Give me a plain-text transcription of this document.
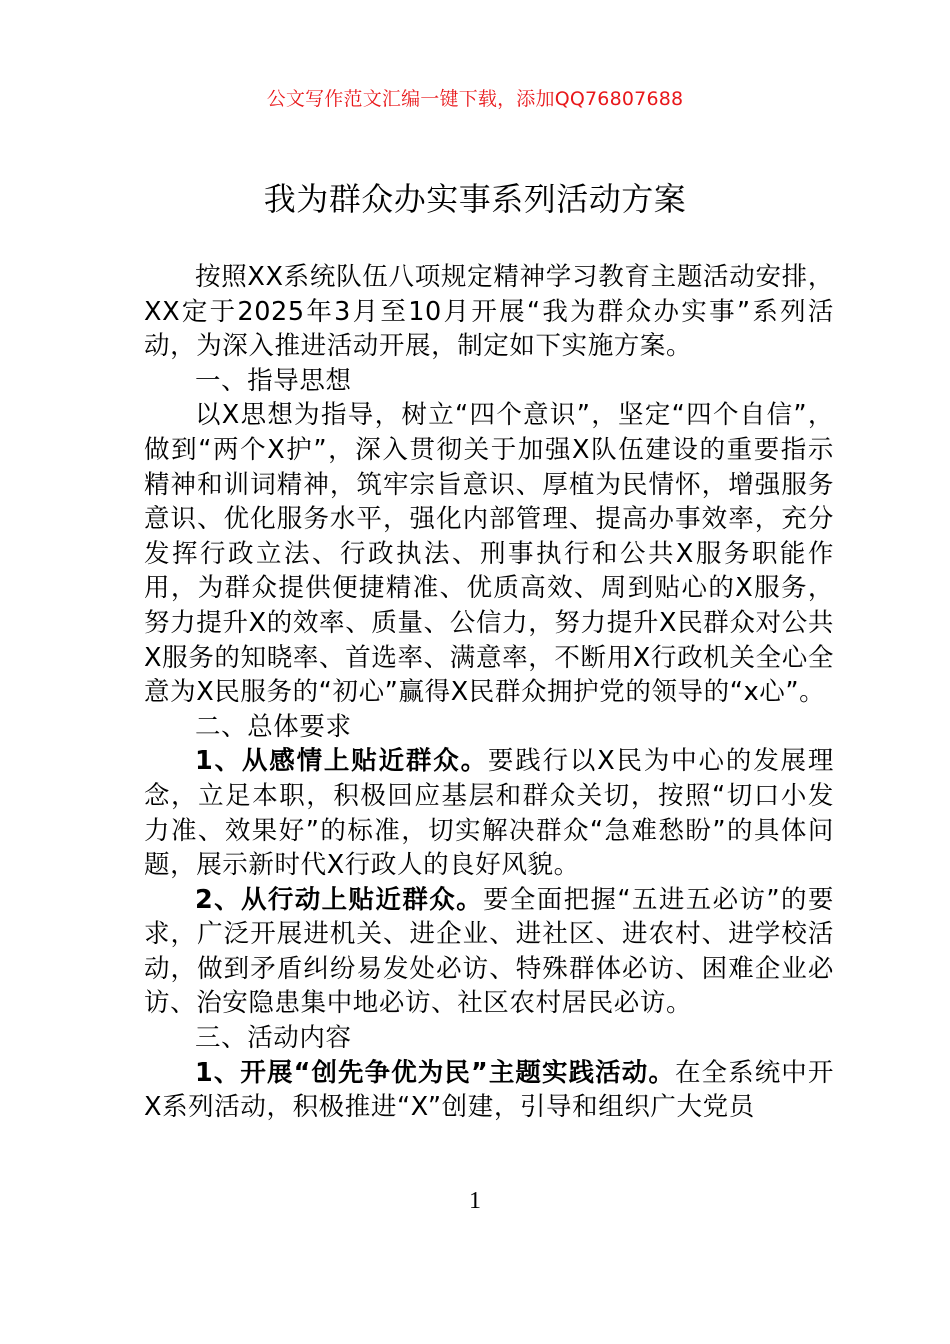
公文写作范文汇编一键下载，添加QQ76807688
我为群众办实事系列活动方案

按照XX系统队伍八项规定精神学习教育主题活动安排，XX定于2025年3月至10月开展“我为群众办实事”系列活动，为深入推进活动开展，制定如下实施方案。

一、指导思想

以X思想为指导，树立“四个意识”，坚定“四个自信”，做到“两个X护”，深入贯彻关于加强X队伍建设的重要指示精神和训词精神，筑牢宗旨意识、厚植为民情怀，增强服务意识、优化服务水平，强化内部管理、提高办事效率，充分发挥行政立法、行政执法、刑事执行和公共X服务职能作用，为群众提供便捷精准、优质高效、周到贴心的X服务，努力提升X的效率、质量、公信力，努力提升X民群众对公共X服务的知晓率、首选率、满意率，不断用X行政机关全心全意为X民服务的“初心”赢得X民群众拥护党的领导的“x心”。

二、总体要求

1、从感情上贴近群众。要践行以X民为中心的发展理念，立足本职，积极回应基层和群众关切，按照“切口小发力准、效果好”的标准，切实解决群众“急难愁盼”的具体问题，展示新时代X行政人的良好风貌。

2、从行动上贴近群众。要全面把握“五进五必访”的要求，广泛开展进机关、进企业、进社区、进农村、进学校活动，做到矛盾纠纷易发处必访、特殊群体必访、困难企业必访、治安隐患集中地必访、社区农村居民必访。

三、活动内容

1、开展“创先争优为民”主题实践活动。在全系统中开X系列活动，积极推进“X”创建，引导和组织广大党员

1
